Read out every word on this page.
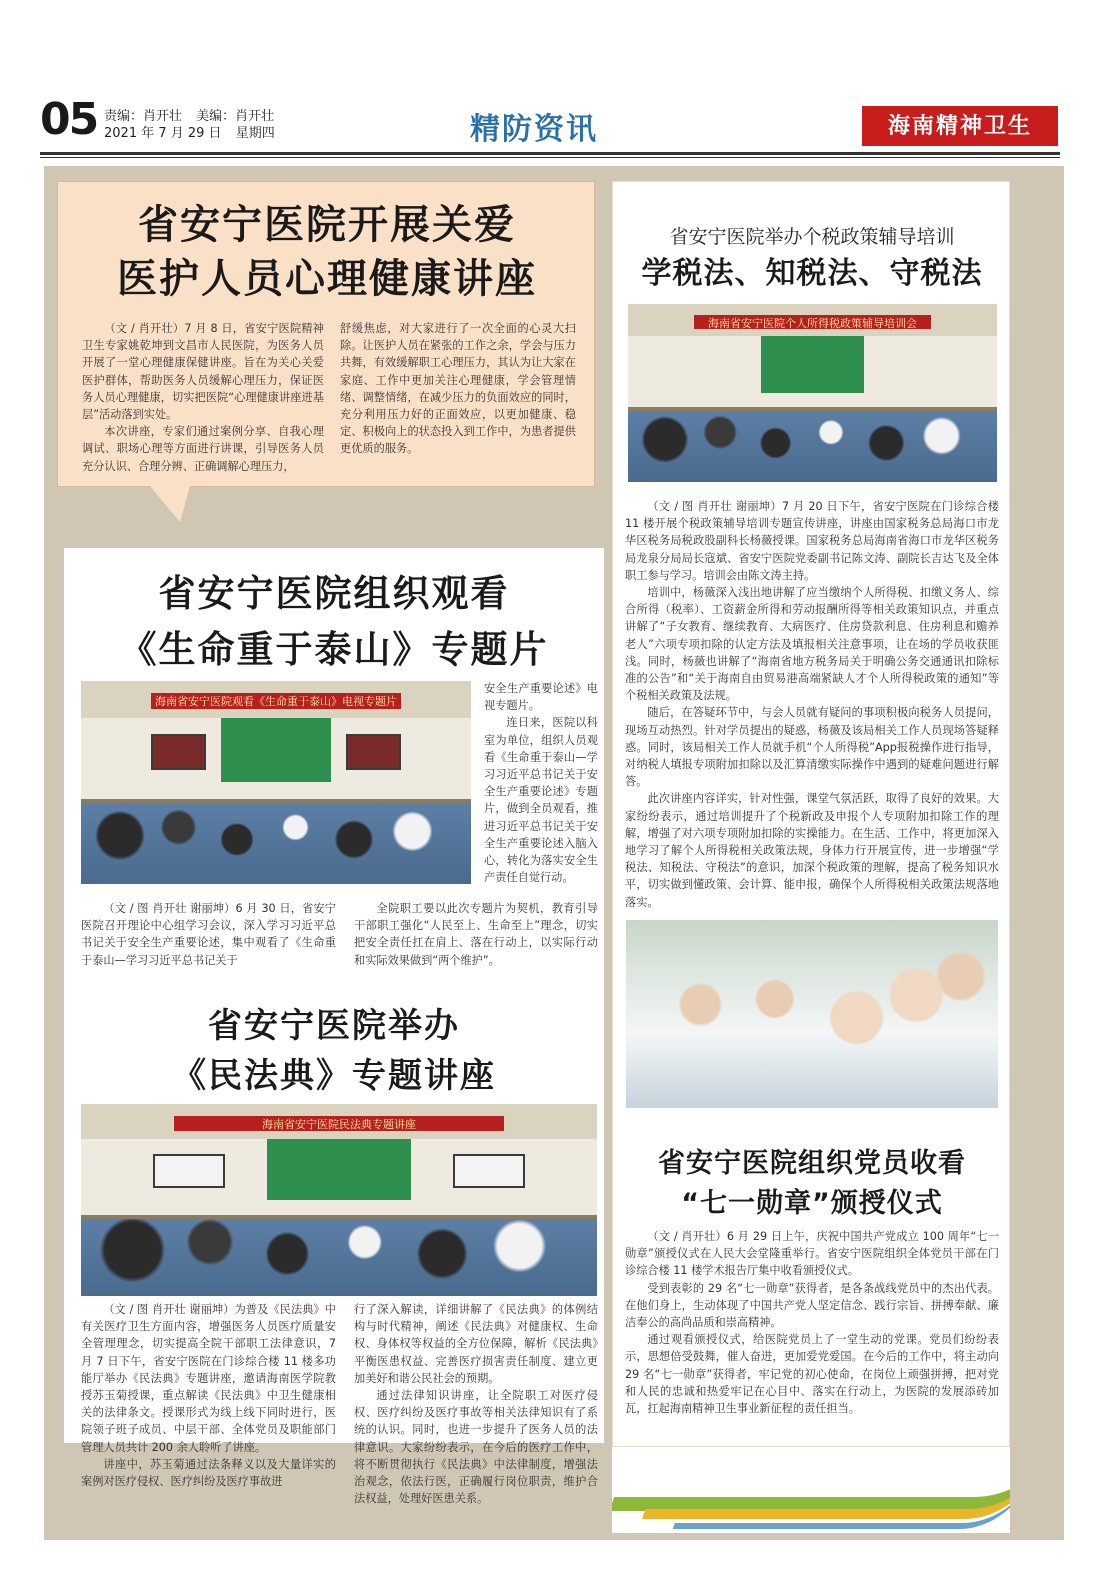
05 责编：肖开壮 美编：肖开壮
2021 年 7 月 29 日 星期四	精防资讯	海南精神卫生
省安宁医院开展关爱
医护人员心理健康讲座

（文 / 肖开壮）7 月 8 日，省安宁医院精神卫生专家姚乾坤到文昌市人民医院，为医务人员开展了一堂心理健康保健讲座。旨在为关心关爱医护群体，帮助医务人员缓解心理压力，保证医务人员心理健康，切实把医院“心理健康讲座进基层”活动落到实处。

本次讲座，专家们通过案例分享、自我心理调试、职场心理等方面进行讲课，引导医务人员充分认识、合理分辨、正确调解心理压力，

舒缓焦虑，对大家进行了一次全面的心灵大扫除。让医护人员在紧张的工作之余，学会与压力共舞，有效缓解职工心理压力，其认为让大家在家庭、工作中更加关注心理健康，学会管理情绪、调整情绪，在减少压力的负面效应的同时，充分利用压力好的正面效应，以更加健康、稳定、积极向上的状态投入到工作中，为患者提供更优质的服务。

省安宁医院组织观看
《生命重于泰山》专题片
海南省安宁医院观看《生命重于泰山》电视专题片

安全生产重要论述》电视专题片。

连日来，医院以科室为单位，组织人员观看《生命重于泰山—学习习近平总书记关于安全生产重要论述》专题片，做到全员观看，推进习近平总书记关于安全生产重要论述入脑入心，转化为落实安全生产责任自觉行动。

（文 / 图 肖开壮 谢丽坤）6 月 30 日，省安宁医院召开理论中心组学习会议，深入学习习近平总书记关于安全生产重要论述，集中观看了《生命重于泰山—学习习近平总书记关于

全院职工要以此次专题片为契机，教育引导干部职工强化“人民至上、生命至上”理念，切实把安全责任扛在肩上、落在行动上，以实际行动和实际效果做到“两个维护”。

省安宁医院举办
《民法典》专题讲座
海南省安宁医院民法典专题讲座

（文 / 图 肖开壮 谢丽坤）为普及《民法典》中有关医疗卫生方面内容，增强医务人员医疗质量安全管理理念，切实提高全院干部职工法律意识，7 月 7 日下午，省安宁医院在门诊综合楼 11 楼多功能厅举办《民法典》专题讲座，邀请海南医学院教授苏玉菊授课，重点解读《民法典》中卫生健康相关的法律条文。授课形式为线上线下同时进行，医院领子班子成员、中层干部、全体党员及职能部门管理人员共计 200 余人聆听了讲座。

讲座中，苏玉菊通过法条释义以及大量详实的案例对医疗侵权、医疗纠纷及医疗事故进

行了深入解读，详细讲解了《民法典》的体例结构与时代精神，阐述《民法典》对健康权、生命权、身体权等权益的全方位保障，解析《民法典》平衡医患权益、完善医疗损害责任制度、建立更加美好和谐公民社会的预期。

通过法律知识讲座，让全院职工对医疗侵权、医疗纠纷及医疗事故等相关法律知识有了系统的认识。同时，也进一步提升了医务人员的法律意识。大家纷纷表示，在今后的医疗工作中，将不断贯彻执行《民法典》中法律制度，增强法治观念，依法行医，正确履行岗位职责，维护合法权益，处理好医患关系。

省安宁医院举办个税政策辅导培训
学税法、知税法、守税法
海南省安宁医院个人所得税政策辅导培训会

（文 / 图 肖开壮 谢丽坤）7 月 20 日下午，省安宁医院在门诊综合楼 11 楼开展个税政策辅导培训专题宣传讲座，讲座由国家税务总局海口市龙华区税务局税政股副科长杨薇授课。国家税务总局海南省海口市龙华区税务局龙泉分局局长寇斌、省安宁医院党委副书记陈文涛、副院长吉达飞及全体职工参与学习。培训会由陈文涛主持。

培训中，杨薇深入浅出地讲解了应当缴纳个人所得税、扣缴义务人、综合所得（税率）、工资薪金所得和劳动报酬所得等相关政策知识点，并重点讲解了“子女教育、继续教育、大病医疗、住房贷款利息、住房利息和赡养老人”六项专项扣除的认定方法及填报相关注意事项，让在场的学员收获匪浅。同时，杨薇也讲解了“海南省地方税务局关于明确公务交通通讯扣除标准的公告”和“关于海南自由贸易港高端紧缺人才个人所得税政策的通知”等个税相关政策及法规。

随后，在答疑环节中，与会人员就有疑问的事项积极向税务人员提问，现场互动热烈。针对学员提出的疑惑，杨薇及该局相关工作人员现场答疑释惑。同时，该局相关工作人员就手机“个人所得税”App报税操作进行指导，对纳税人填报专项附加扣除以及汇算清缴实际操作中遇到的疑难问题进行解答。

此次讲座内容详实，针对性强，课堂气氛活跃，取得了良好的效果。大家纷纷表示，通过培训提升了个税新政及申报个人专项附加扣除工作的理解，增强了对六项专项附加扣除的实操能力。在生活、工作中，将更加深入地学习了解个人所得税相关政策法规，身体力行开展宣传，进一步增强“学税法、知税法、守税法”的意识，加深个税政策的理解，提高了税务知识水平，切实做到懂政策、会计算、能申报，确保个人所得税相关政策法规落地落实。

省安宁医院组织党员收看
“七一勋章”颁授仪式

（文 / 肖开壮）6 月 29 日上午，庆祝中国共产党成立 100 周年“七一勋章”颁授仪式在人民大会堂隆重举行。省安宁医院组织全体党员干部在门诊综合楼 11 楼学术报告厅集中收看颁授仪式。

受到表彰的 29 名“七一勋章”获得者，是各条战线党员中的杰出代表。在他们身上，生动体现了中国共产党人坚定信念、践行宗旨、拼搏奉献、廉洁奉公的高尚品质和崇高精神。

通过观看颁授仪式，给医院党员上了一堂生动的党课。党员们纷纷表示，思想倍受鼓舞，催人奋进，更加爱党爱国。在今后的工作中，将主动向 29 名“七一勋章”获得者，牢记党的初心使命，在岗位上顽强拼搏，把对党和人民的忠诚和热爱牢记在心目中、落实在行动上，为医院的发展添砖加瓦，扛起海南精神卫生事业新征程的责任担当。
